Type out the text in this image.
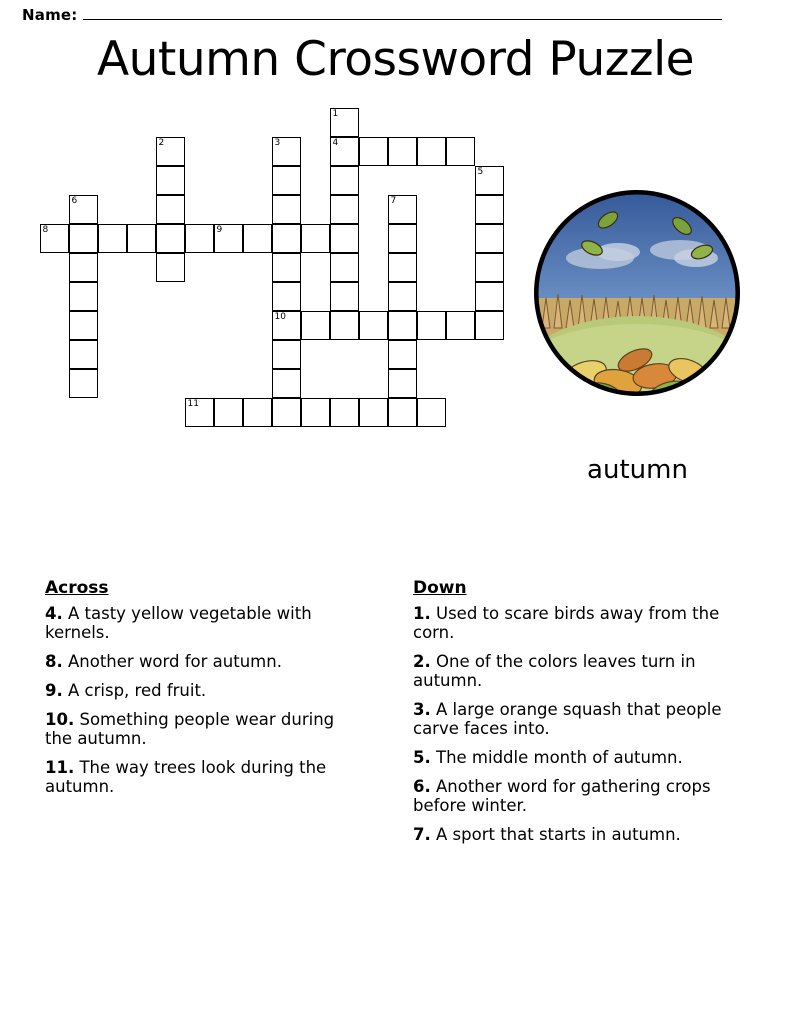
Name:
Autumn Crossword Puzzle
1
2	3	4
5
6	7
8	9
10
11
autumn
Across
4. A tasty yellow vegetable with kernels.
8. Another word for autumn.
9. A crisp, red fruit.
10. Something people wear during the autumn.
11. The way trees look during the autumn.
Down
1. Used to scare birds away from the corn.
2. One of the colors leaves turn in autumn.
3. A large orange squash that people carve faces into.
5. The middle month of autumn.
6. Another word for gathering crops before winter.
7. A sport that starts in autumn.
